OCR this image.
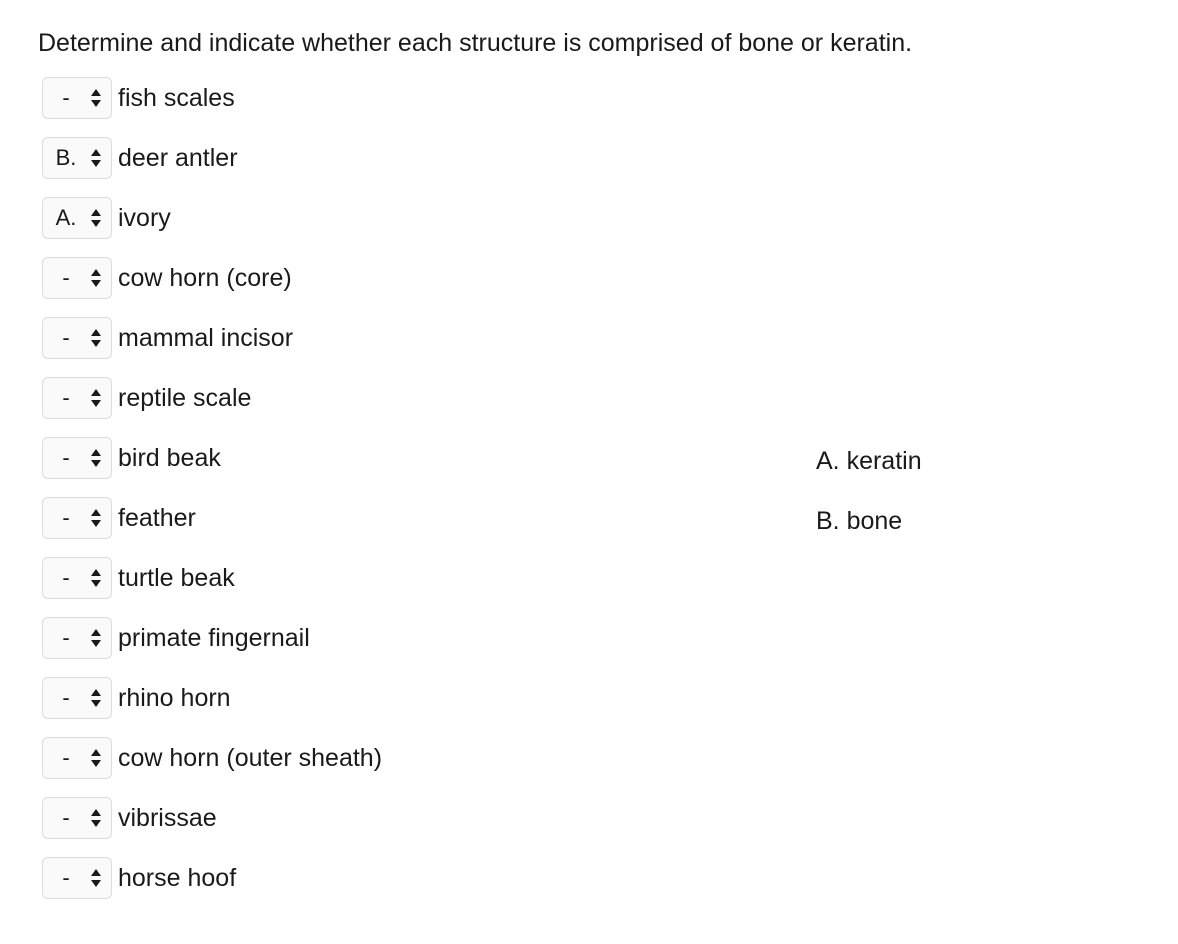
Determine and indicate whether each structure is comprised of bone or keratin.
-	fish scales
B.	deer antler
A.	ivory
-	cow horn (core)
-	mammal incisor
-	reptile scale
-	bird beak
-	feather
-	turtle beak
-	primate fingernail
-	rhino horn
-	cow horn (outer sheath)
-	vibrissae
-	horse hoof
A. keratin
B. bone
